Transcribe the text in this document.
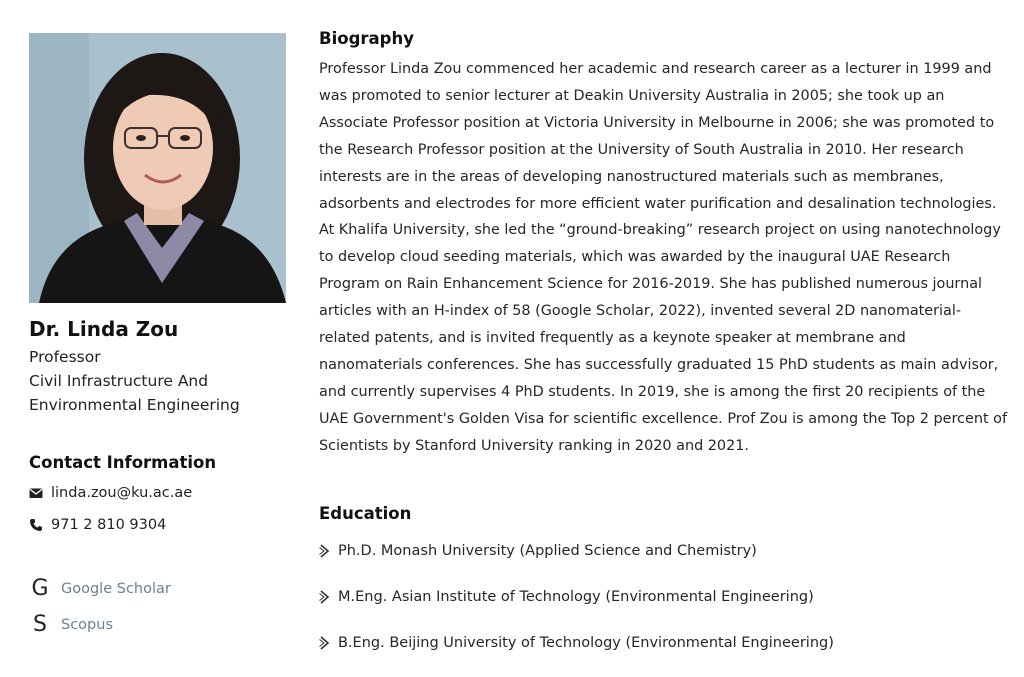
Dr. Linda Zou
Professor
Civil Infrastructure And
Environmental Engineering
Contact Information
linda.zou@ku.ac.ae
971 2 810 9304
G Google Scholar
S Scopus
Biography

Professor Linda Zou commenced her academic and research career as a lecturer in 1999 and was promoted to senior lecturer at Deakin University Australia in 2005; she took up an Associate Professor position at Victoria University in Melbourne in 2006; she was promoted to the Research Professor position at the University of South Australia in 2010. Her research interests are in the areas of developing nanostructured materials such as membranes, adsorbents and electrodes for more efficient water purification and desalination technologies. At Khalifa University, she led the “ground-breaking” research project on using nanotechnology to develop cloud seeding materials, which was awarded by the inaugural UAE Research Program on Rain Enhancement Science for 2016-2019. She has published numerous journal articles with an H-index of 58 (Google Scholar, 2022), invented several 2D nanomaterial-related patents, and is invited frequently as a keynote speaker at membrane and nanomaterials conferences. She has successfully graduated 15 PhD students as main advisor, and currently supervises 4 PhD students. In 2019, she is among the first 20 recipients of the UAE Government's Golden Visa for scientific excellence. Prof Zou is among the Top 2 percent of Scientists by Stanford University ranking in 2020 and 2021.

Education
Ph.D. Monash University (Applied Science and Chemistry)
M.Eng. Asian Institute of Technology (Environmental Engineering)
B.Eng. Beijing University of Technology (Environmental Engineering)
